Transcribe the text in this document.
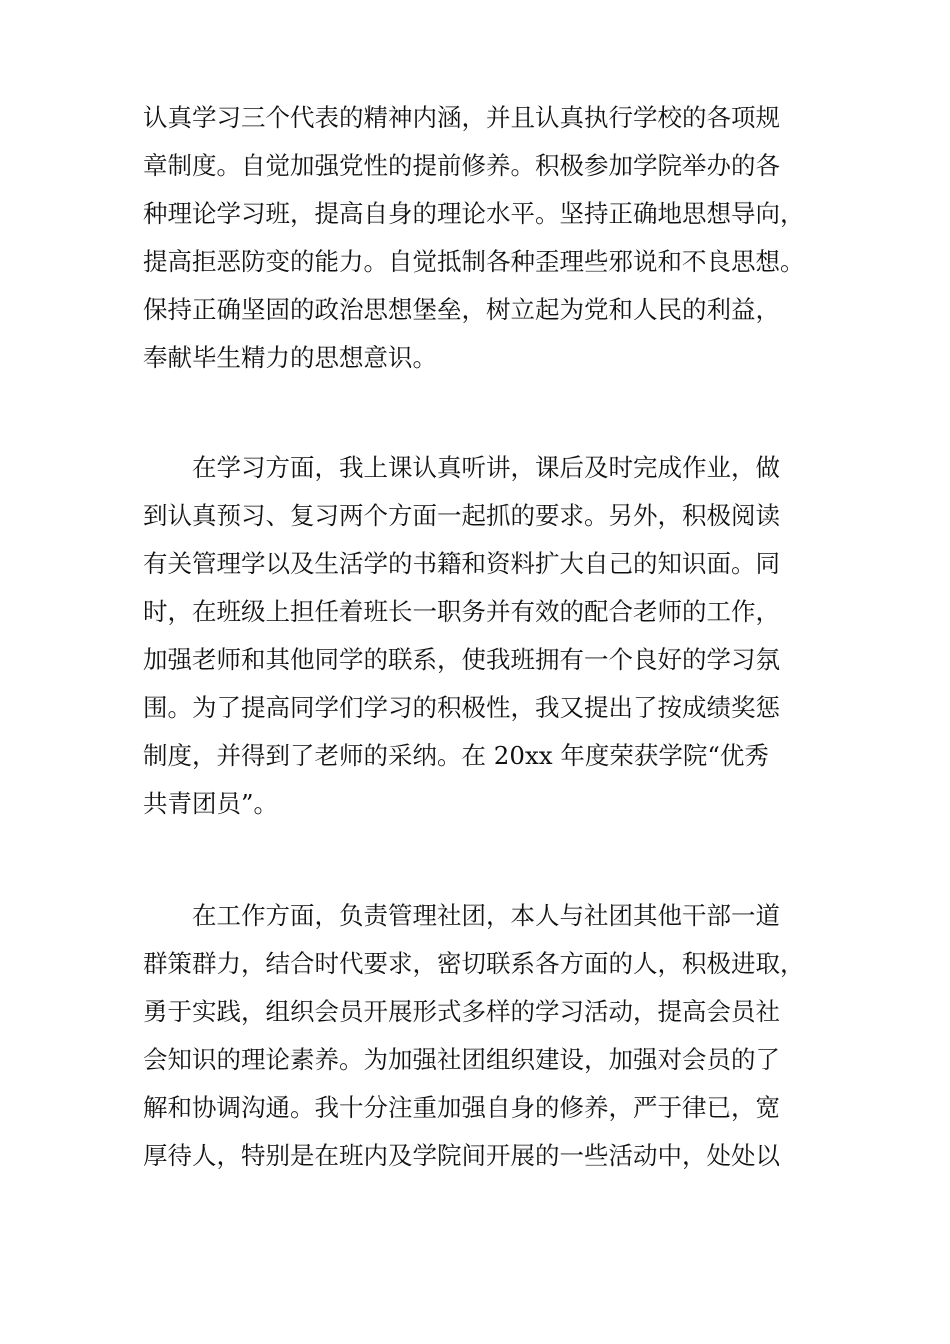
认真学习三个代表的精神内涵，并且认真执行学校的各项规
章制度。自觉加强党性的提前修养。积极参加学院举办的各
种理论学习班，提高自身的理论水平。坚持正确地思想导向，
提高拒恶防变的能力。自觉抵制各种歪理些邪说和不良思想。
保持正确坚固的政治思想堡垒，树立起为党和人民的利益，
奉献毕生精力的思想意识。

　　在学习方面，我上课认真听讲，课后及时完成作业，做
到认真预习、复习两个方面一起抓的要求。另外，积极阅读
有关管理学以及生活学的书籍和资料扩大自己的知识面。同
时，在班级上担任着班长一职务并有效的配合老师的工作，
加强老师和其他同学的联系，使我班拥有一个良好的学习氛
围。为了提高同学们学习的积极性，我又提出了按成绩奖惩
制度，并得到了老师的采纳。在 20xx 年度荣获学院“优秀
共青团员”。

　　在工作方面，负责管理社团，本人与社团其他干部一道
群策群力，结合时代要求，密切联系各方面的人，积极进取，
勇于实践，组织会员开展形式多样的学习活动，提高会员社
会知识的理论素养。为加强社团组织建设，加强对会员的了
解和协调沟通。我十分注重加强自身的修养，严于律已，宽
厚待人，特别是在班内及学院间开展的一些活动中，处处以
